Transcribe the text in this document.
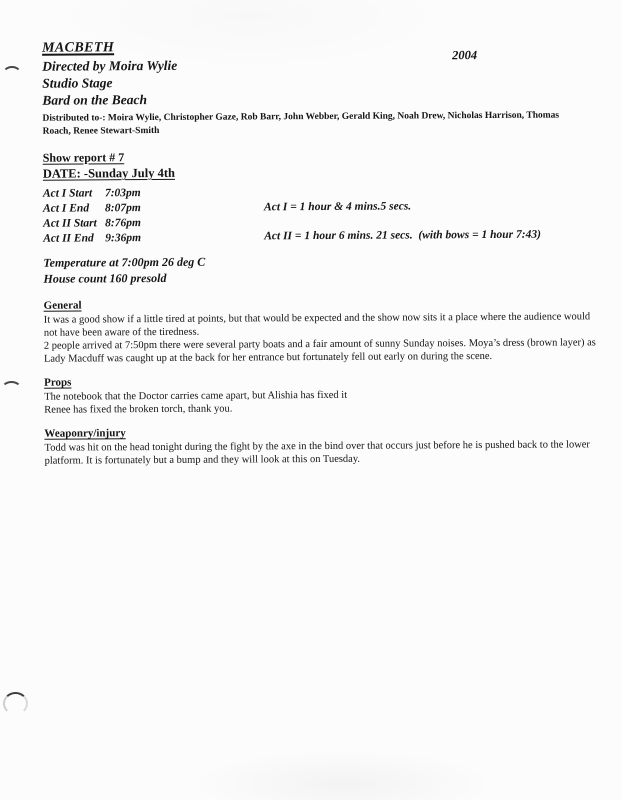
2004
MACBETH
Directed by Moira Wylie
Studio Stage
Bard on the Beach

Distributed to-: Moira Wylie, Christopher Gaze, Rob Barr, John Webber, Gerald King, Noah Drew, Nicholas Harrison, Thomas Roach, Renee Stewart-Smith

Show report # 7
DATE: -Sunday July 4th
Act I Start 7:03pm
Act I End 8:07pm
Act II Start 8:76pm
Act II End 9:36pm
Act I = 1 hour & 4 mins.5 secs.
Act II = 1 hour 6 mins. 21 secs.  (with bows = 1 hour 7:43)
Temperature at 7:00pm 26 deg C
House count 160 presold
General

It was a good show if a little tired at points, but that would be expected and the show now sits it a place where the audience would not have been aware of the tiredness.
2 people arrived at 7:50pm there were several party boats and a fair amount of sunny Sunday noises. Moya’s dress (brown layer) as Lady Macduff was caught up at the back for her entrance but fortunately fell out early on during the scene.

Props

The notebook that the Doctor carries came apart, but Alishia has fixed it
Renee has fixed the broken torch, thank you.

Weaponry/injury

Todd was hit on the head tonight during the fight by the axe in the bind over that occurs just before he is pushed back to the lower platform. It is fortunately but a bump and they will look at this on Tuesday.
